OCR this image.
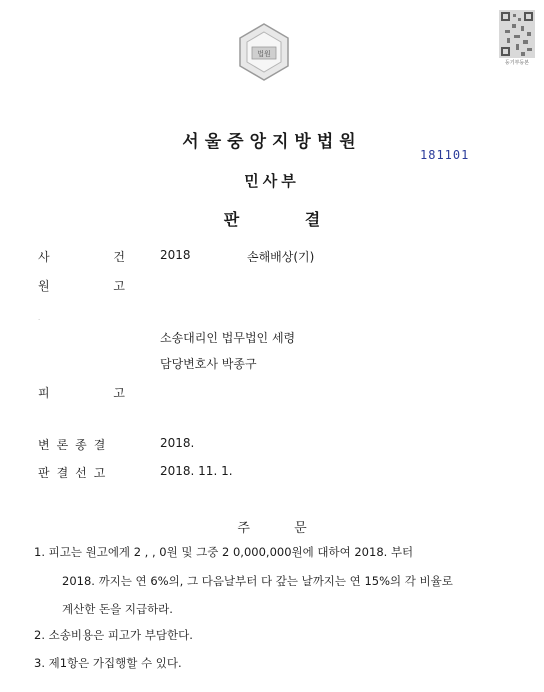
법원
등기부등본
서울중앙지방법원
181101
민사부
판 결
사 건	2018	손해배상(기)
원 고
·
소송대리인 법무법인 세령
담당변호사 박종구
피 고
변론종결	2018.
판결선고	2018. 11. 1.
주 문
1. 피고는 원고에게 2 , , 0원 및 그중 2 0,000,000원에 대하여 2018. 부터
2018. 까지는 연 6%의, 그 다음날부터 다 갚는 날까지는 연 15%의 각 비율로
계산한 돈을 지급하라.
2. 소송비용은 피고가 부담한다.
3. 제1항은 가집행할 수 있다.
